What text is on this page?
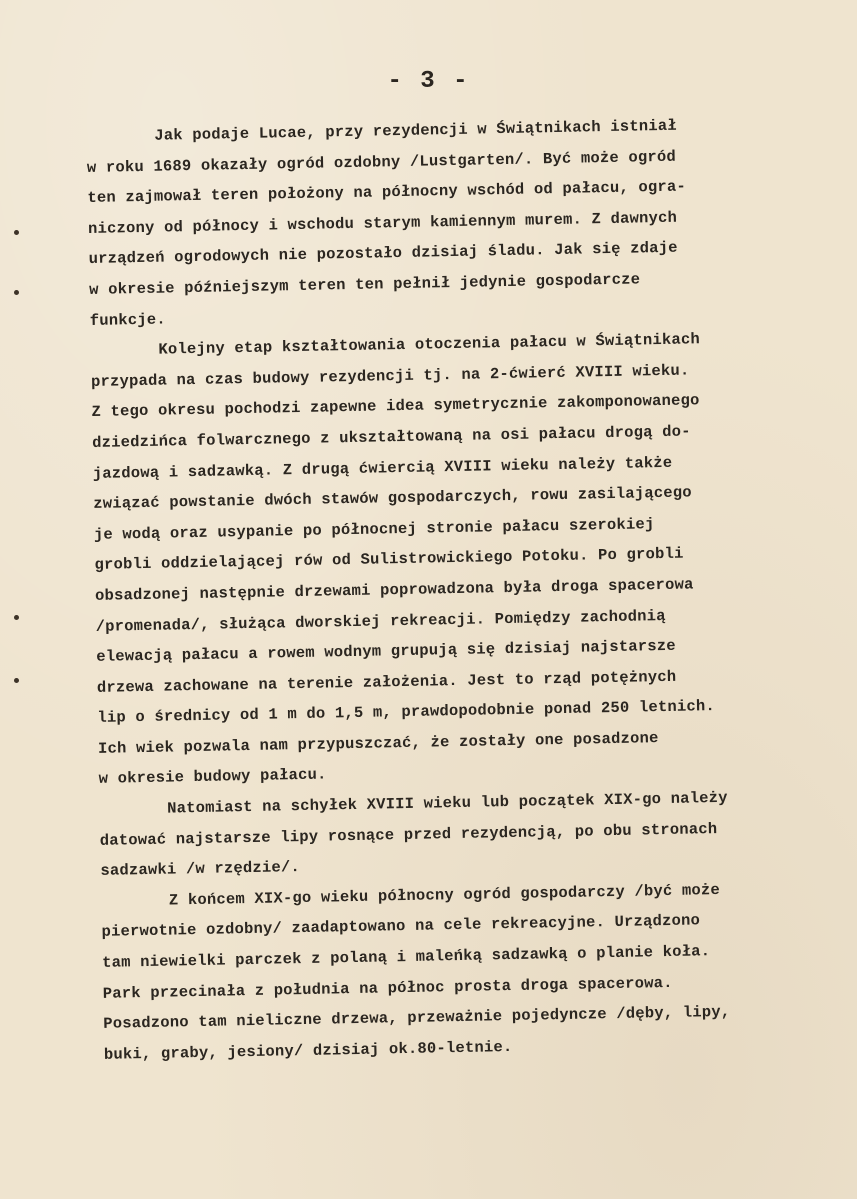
- 3 -
Jak podaje Lucae, przy rezydencji w Świątnikach istniał
w roku 1689 okazały ogród ozdobny /Lustgarten/. Być może ogród
ten zajmował teren położony na północny wschód od pałacu, ogra-
niczony od północy i wschodu starym kamiennym murem. Z dawnych
urządzeń ogrodowych nie pozostało dzisiaj śladu. Jak się zdaje
w okresie późniejszym teren ten pełnił jedynie gospodarcze
funkcje.
Kolejny etap kształtowania otoczenia pałacu w Świątnikach
przypada na czas budowy rezydencji tj. na 2-ćwierć XVIII wieku.
Z tego okresu pochodzi zapewne idea symetrycznie zakomponowanego
dziedzińca folwarcznego z ukształtowaną na osi pałacu drogą do-
jazdową i sadzawką. Z drugą ćwiercią XVIII wieku należy także
związać powstanie dwóch stawów gospodarczych, rowu zasilającego
je wodą oraz usypanie po północnej stronie pałacu szerokiej
grobli oddzielającej rów od Sulistrowickiego Potoku. Po grobli
obsadzonej następnie drzewami poprowadzona była droga spacerowa
/promenada/, służąca dworskiej rekreacji. Pomiędzy zachodnią
elewacją pałacu a rowem wodnym grupują się dzisiaj najstarsze
drzewa zachowane na terenie założenia. Jest to rząd potężnych
lip o średnicy od 1 m do 1,5 m, prawdopodobnie ponad 250 letnich.
Ich wiek pozwala nam przypuszczać, że zostały one posadzone
w okresie budowy pałacu.
Natomiast na schyłek XVIII wieku lub początek XIX-go należy
datować najstarsze lipy rosnące przed rezydencją, po obu stronach
sadzawki /w rzędzie/.
Z końcem XIX-go wieku północny ogród gospodarczy /być może
pierwotnie ozdobny/ zaadaptowano na cele rekreacyjne. Urządzono
tam niewielki parczek z polaną i maleńką sadzawką o planie koła.
Park przecinała z południa na północ prosta droga spacerowa.
Posadzono tam nieliczne drzewa, przeważnie pojedyncze /dęby, lipy,
buki, graby, jesiony/ dzisiaj ok.80-letnie.
